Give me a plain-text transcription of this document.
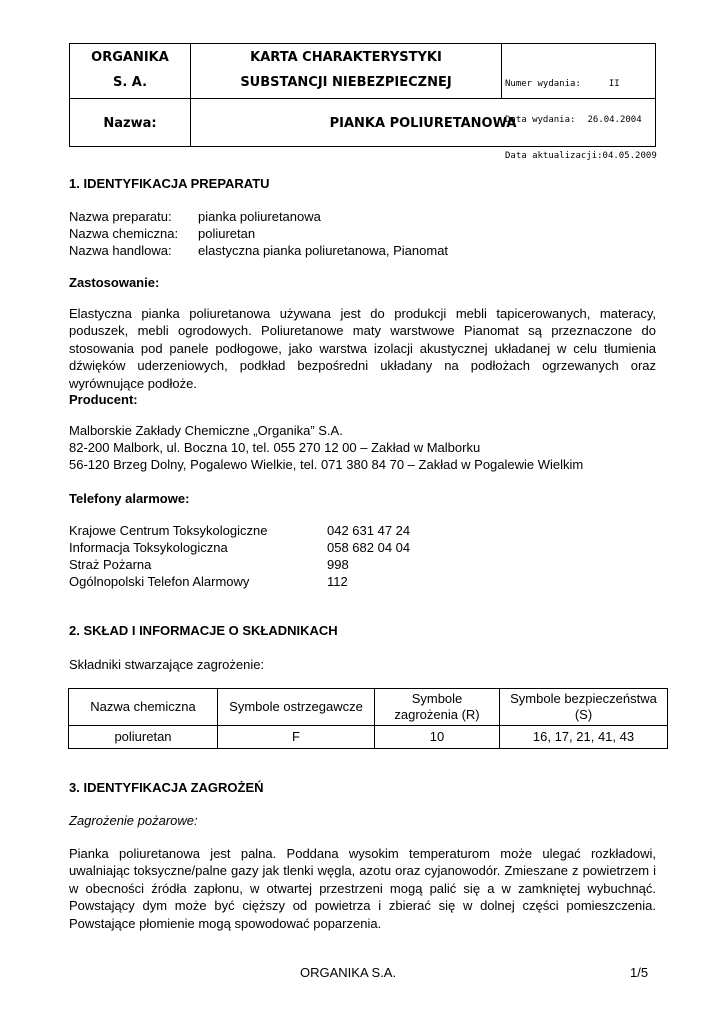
ORGANIKA
S. A.
KARTA CHARAKTERYSTYKI
SUBSTANCJI NIEBEZPIECZNEJ

	Numer wydania:	II

Data wydania: 26.04.2004

Data aktualizacji:04.05.2009

Nazwa:	PIANKA POLIURETANOWA
1. IDENTYFIKACJA PREPARATU
Nazwa preparatu: pianka poliuretanowa
Nazwa chemiczna: poliuretan
Nazwa handlowa: elastyczna pianka poliuretanowa, Pianomat
Zastosowanie:
Elastyczna pianka poliuretanowa używana jest do produkcji mebli tapicerowanych, materacy, poduszek, mebli ogrodowych. Poliuretanowe maty warstwowe Pianomat są przeznaczone do stosowania pod panele podłogowe, jako warstwa izolacji akustycznej układanej w celu tłumienia dźwięków uderzeniowych, podkład bezpośredni układany na podłożach ogrzewanych oraz wyrównujące podłoże.
Producent:
Malborskie Zakłady Chemiczne „Organika” S.A.
82-200 Malbork, ul. Boczna 10, tel. 055 270 12 00 – Zakład w Malborku
56-120 Brzeg Dolny, Pogalewo Wielkie, tel. 071 380 84 70 – Zakład w Pogalewie Wielkim
Telefony alarmowe:
Krajowe Centrum Toksykologiczne	042 631 47 24
Informacja Toksykologiczna	058 682 04 04
Straż Pożarna	998
Ogólnopolski Telefon Alarmowy	112
2. SKŁAD I INFORMACJE O SKŁADNIKACH
Składniki stwarzające zagrożenie:
Nazwa chemiczna	Symbole ostrzegawcze	Symbole zagrożenia (R)	Symbole bezpieczeństwa (S)
poliuretan	F	10	16, 17, 21, 41, 43
3. IDENTYFIKACJA ZAGROŻEŃ
Zagrożenie pożarowe:
Pianka poliuretanowa jest palna. Poddana wysokim temperaturom może ulegać rozkładowi, uwalniając toksyczne/palne gazy jak tlenki węgla, azotu oraz cyjanowodór. Zmieszane z powietrzem i w obecności źródła zapłonu, w otwartej przestrzeni mogą palić się a w zamkniętej wybuchnąć. Powstający dym może być cięższy od powietrza i zbierać się w dolnej części pomieszczenia. Powstające płomienie mogą spowodować poparzenia.
ORGANIKA S.A.	1/5
